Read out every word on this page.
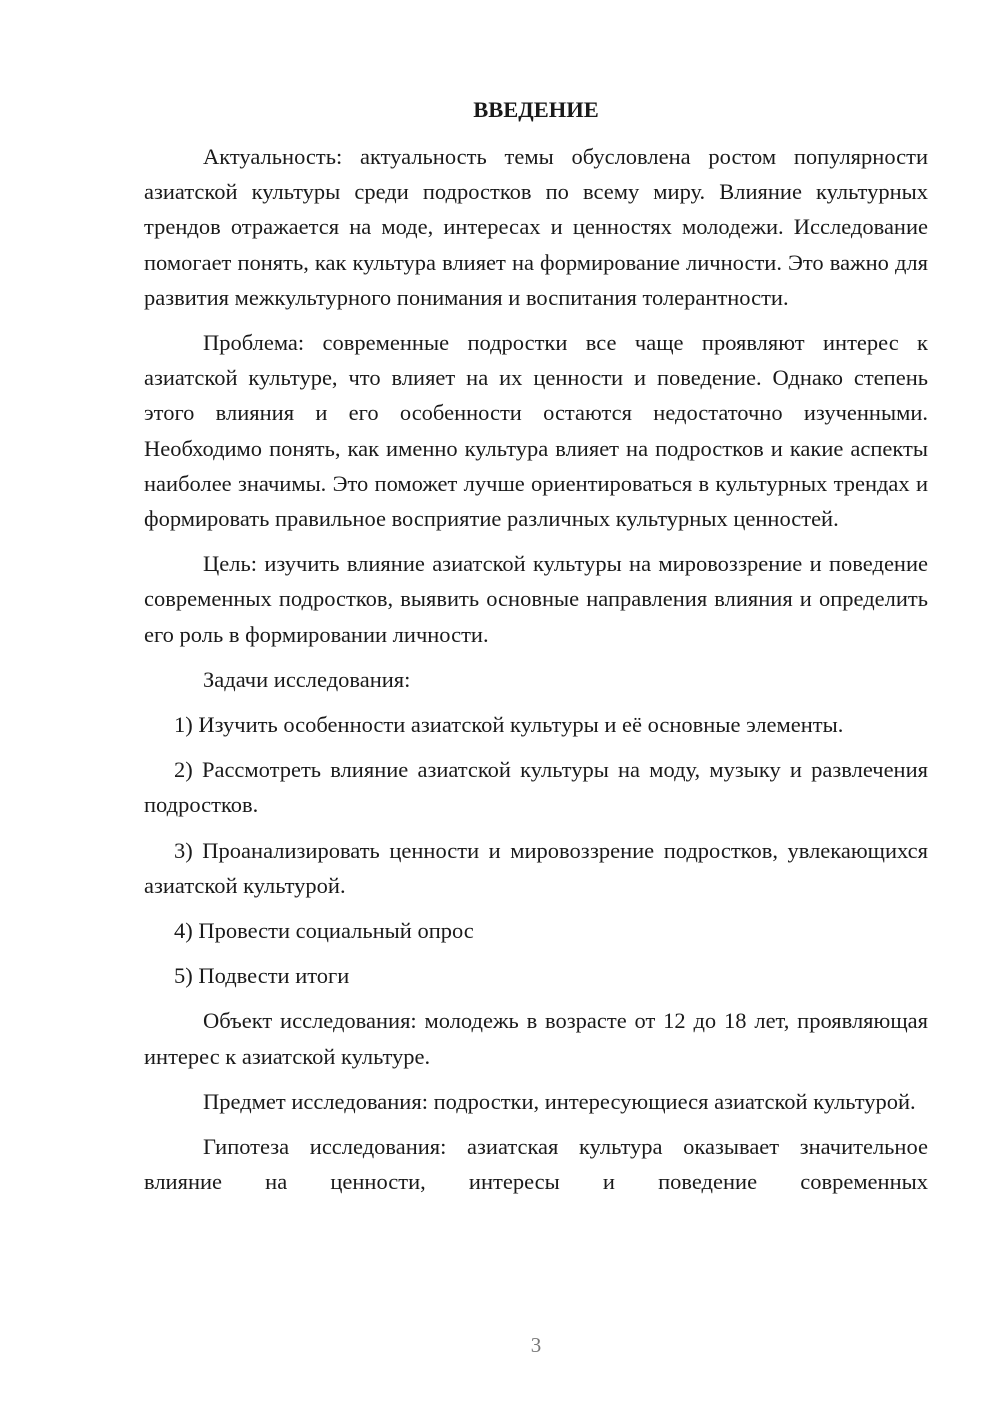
ВВЕДЕНИЕ

Актуальность: актуальность темы обусловлена ростом популярности азиатской культуры среди подростков по всему миру. Влияние культурных трендов отражается на моде, интересах и ценностях молодежи. Исследование помогает понять, как культура влияет на формирование личности. Это важно для развития межкультурного понимания и воспитания толерантности.

Проблема: современные подростки все чаще проявляют интерес к азиатской культуре, что влияет на их ценности и поведение. Однако степень этого влияния и его особенности остаются недостаточно изученными. Необходимо понять, как именно культура влияет на подростков и какие аспекты наиболее значимы. Это поможет лучше ориентироваться в культурных трендах и формировать правильное восприятие различных культурных ценностей.

Цель: изучить влияние азиатской культуры на мировоззрение и поведение современных подростков, выявить основные направления влияния и определить его роль в формировании личности.

Задачи исследования:

1) Изучить особенности азиатской культуры и её основные элементы.

2) Рассмотреть влияние азиатской культуры на моду, музыку и развлечения подростков.

3) Проанализировать ценности и мировоззрение подростков, увлекающихся азиатской культурой.

4) Провести социальный опрос

5) Подвести итоги

Объект исследования: молодежь в возрасте от 12 до 18 лет, проявляющая интерес к азиатской культуре.

Предмет исследования: подростки, интересующиеся азиатской культурой.

Гипотеза исследования: азиатская культура оказывает значительное влияние на ценности, интересы и поведение современных

3
